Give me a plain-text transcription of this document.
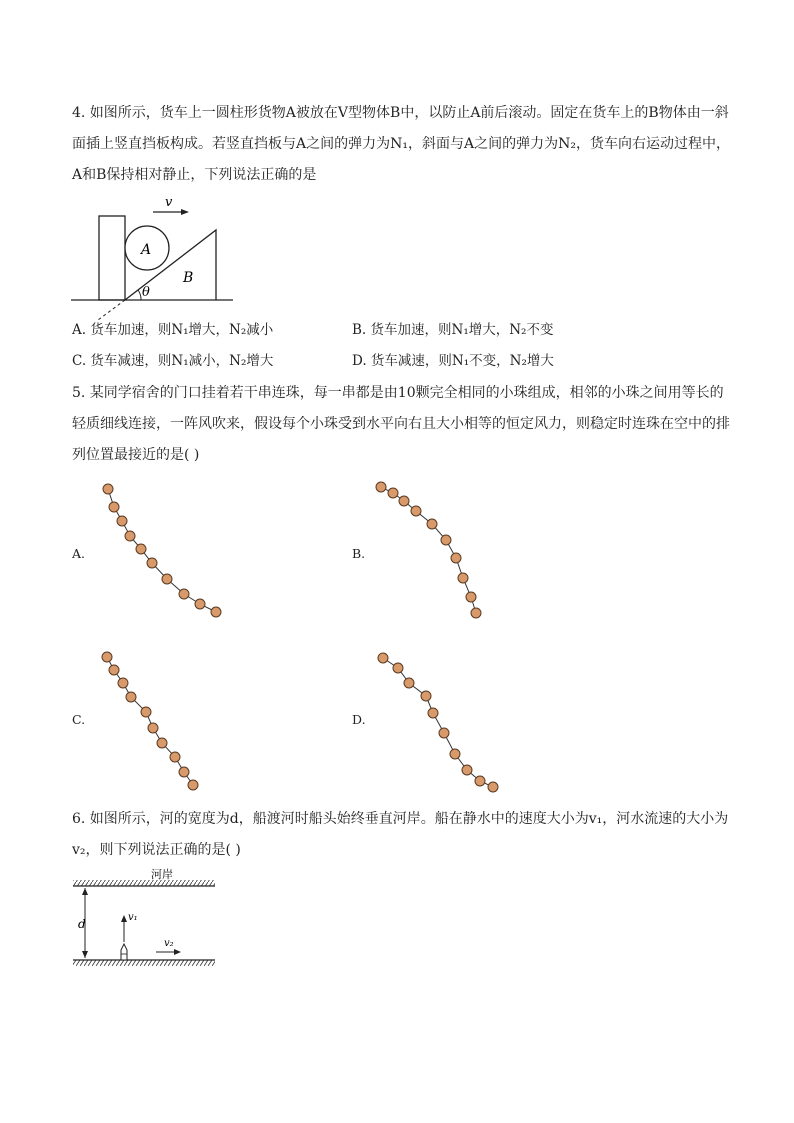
4. 如图所示，货车上一圆柱形货物A被放在V型物体B中，以防止A前后滚动。固定在货车上的B物体由一斜面插上竖直挡板构成。若竖直挡板与A之间的弹力为N₁，斜面与A之间的弹力为N₂，货车向右运动过程中，A和B保持相对静止，下列说法正确的是

v
A
B
θ
A. 货车加速，则N₁增大，N₂减小	B. 货车加速，则N₁增大，N₂不变
C. 货车减速，则N₁减小，N₂增大	D. 货车减速，则N₁不变，N₂增大

5. 某同学宿舍的门口挂着若干串连珠，每一串都是由10颗完全相同的小珠组成，相邻的小珠之间用等长的轻质细线连接，一阵风吹来，假设每个小珠受到水平向右且大小相等的恒定风力，则稳定时连珠在空中的排列位置最接近的是( )

A.	B.
C.	D.

6. 如图所示，河的宽度为d，船渡河时船头始终垂直河岸。船在静水中的速度大小为v₁，河水流速的大小为v₂，则下列说法正确的是( )

河岸
d	v₁
v₂
